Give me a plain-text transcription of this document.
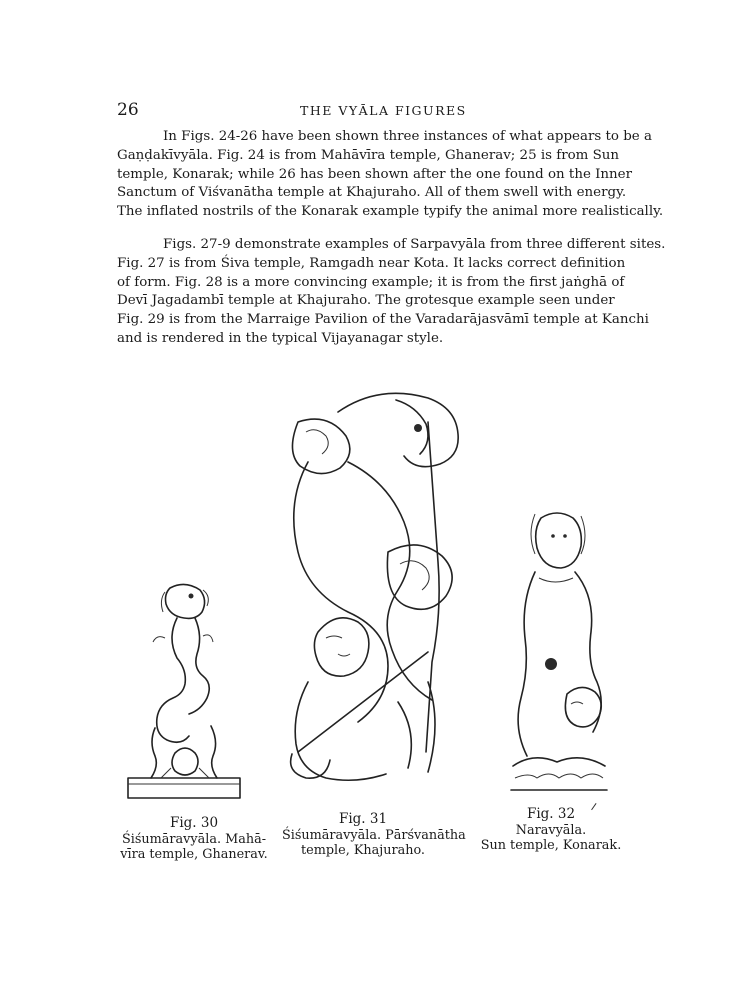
26	THE VYĀLA FIGURES
In Figs. 24-26 have been shown three instances of what appears to be a
Gaṇḍakīvyāla. Fig. 24 is from Mahāvīra temple, Ghanerav; 25 is from Sun
temple, Konarak; while 26 has been shown after the one found on the Inner
Sanctum of Viśvanātha temple at Khajuraho. All of them swell with energy.
The inflated nostrils of the Konarak example typify the animal more realistically.
Figs. 27-9 demonstrate examples of Sarpavyāla from three different sites.
Fig. 27 is from Śiva temple, Ramgadh near Kota. It lacks correct definition
of form. Fig. 28 is a more convincing example; it is from the first jaṅghā of
Devī Jagadambī temple at Khajuraho. The grotesque example seen under
Fig. 29 is from the Marraige Pavilion of the Varadarājasvāmī temple at Kanchi
and is rendered in the typical Vijayanagar style.
Fig. 30
Śiśumāravyāla. Mahā-
vīra temple, Ghanerav.
Fig. 31
Śiśumāravyāla. Pārśvanātha
temple, Khajuraho.
Fig. 32
Naravyāla.
Sun temple, Konarak.
